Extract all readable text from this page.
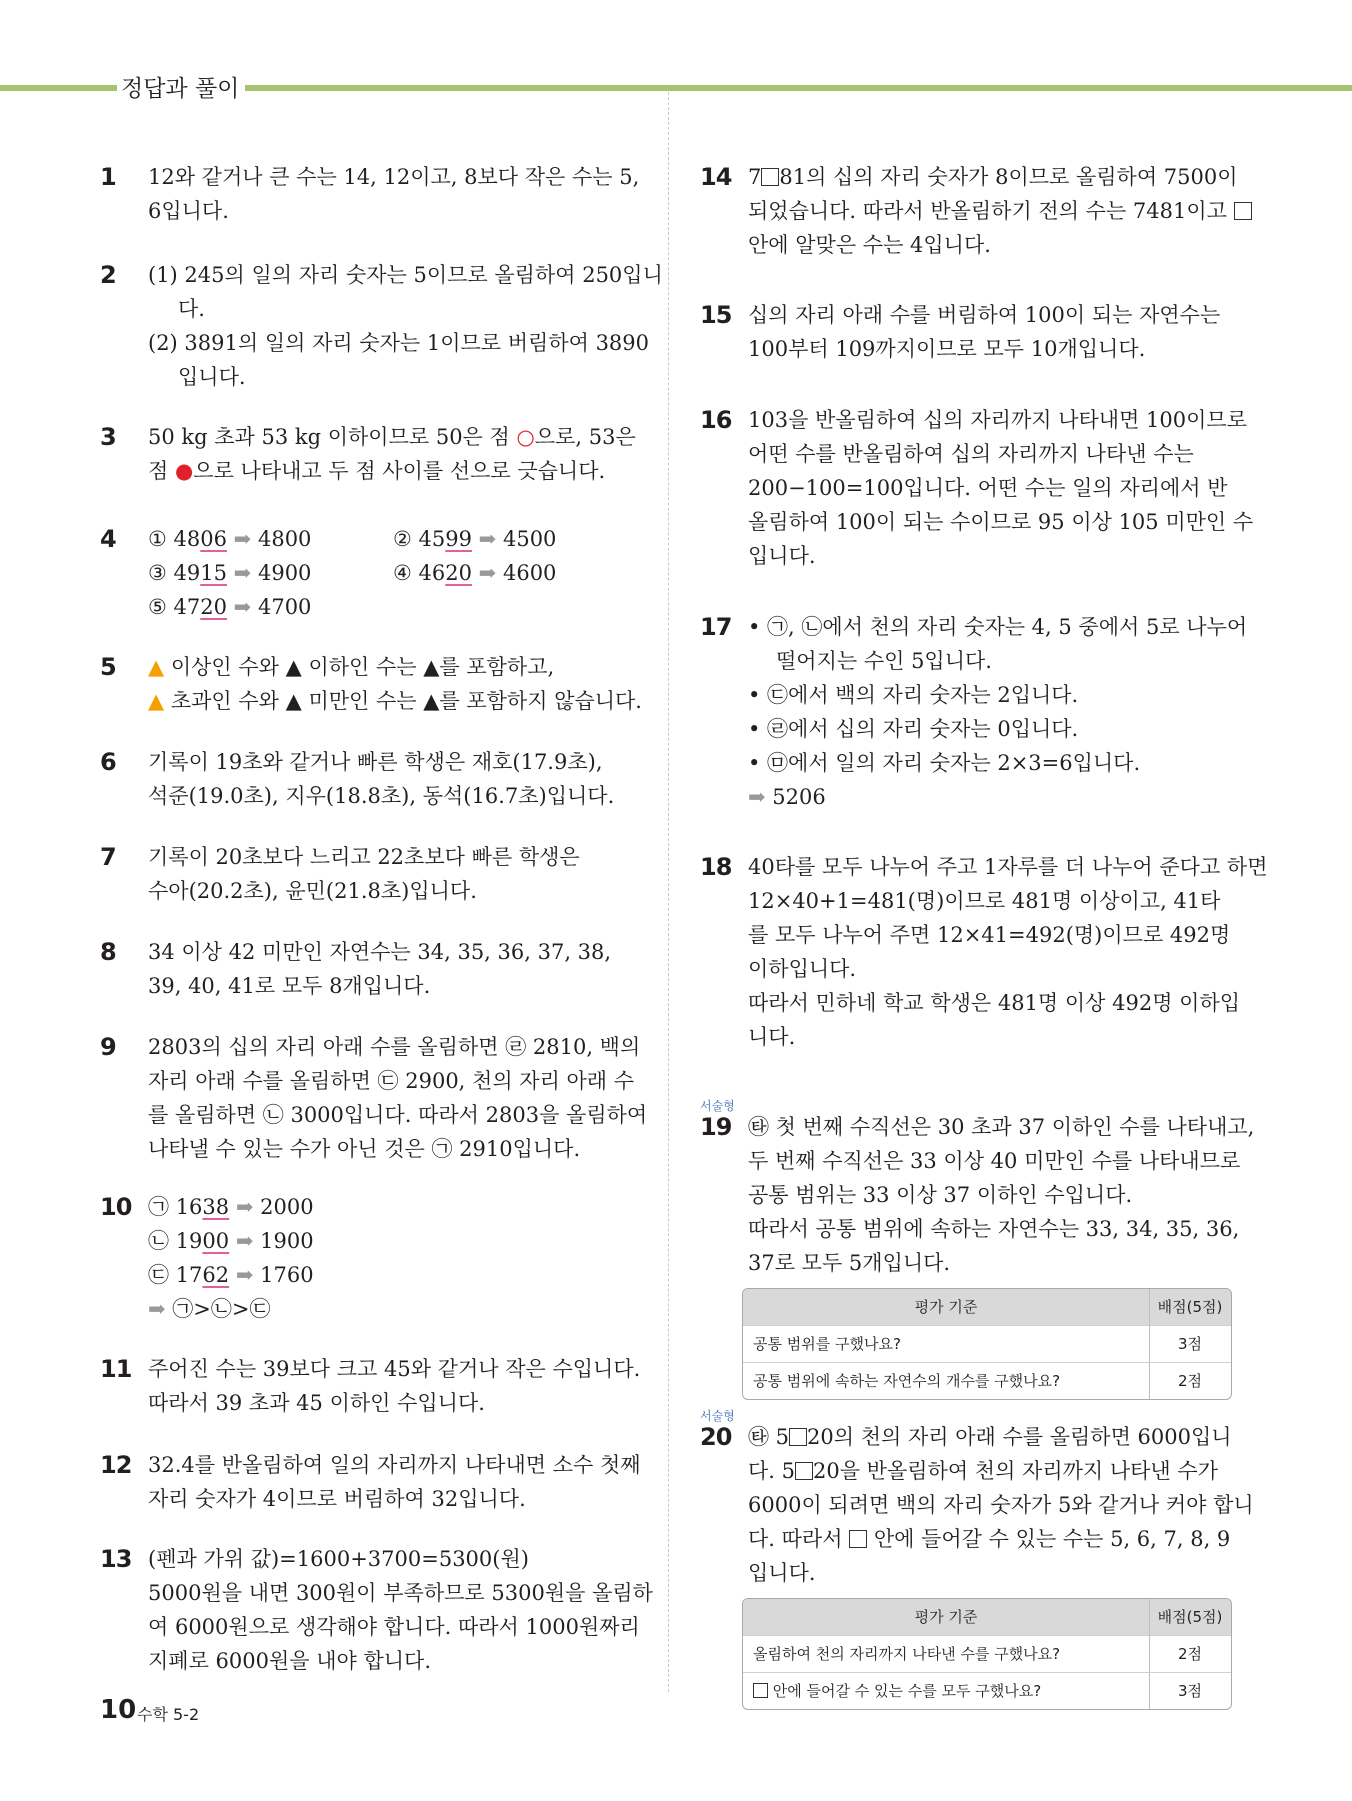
정답과 풀이
1 12와 같거나 큰 수는 14, 12이고, 8보다 작은 수는 5,
6입니다.
2 (1) 245의 일의 자리 숫자는 5이므로 올림하여 250입니
다.
(2) 3891의 일의 자리 숫자는 1이므로 버림하여 3890
입니다.
3 50 kg 초과 53 kg 이하이므로 50은 점 ○으로, 53은
점 ●으로 나타내고 두 점 사이를 선으로 긋습니다.
4 ① 4806 ➡ 4800	② 4599 ➡ 4500
③ 4915 ➡ 4900	④ 4620 ➡ 4600
⑤ 4720 ➡ 4700
5 ▲ 이상인 수와 ▲ 이하인 수는 ▲를 포함하고,
▲ 초과인 수와 ▲ 미만인 수는 ▲를 포함하지 않습니다.
6 기록이 19초와 같거나 빠른 학생은 재호(17.9초),
석준(19.0초), 지우(18.8초), 동석(16.7초)입니다.
7 기록이 20초보다 느리고 22초보다 빠른 학생은
수아(20.2초), 윤민(21.8초)입니다.
8 34 이상 42 미만인 자연수는 34, 35, 36, 37, 38,
39, 40, 41로 모두 8개입니다.
9 2803의 십의 자리 아래 수를 올림하면 ㉣ 2810, 백의
자리 아래 수를 올림하면 ㉢ 2900, 천의 자리 아래 수
를 올림하면 ㉡ 3000입니다. 따라서 2803을 올림하여
나타낼 수 있는 수가 아닌 것은 ㉠ 2910입니다.
10 ㉠ 1638 ➡ 2000
㉡ 1900 ➡ 1900
㉢ 1762 ➡ 1760
➡ ㉠>㉡>㉢
11 주어진 수는 39보다 크고 45와 같거나 작은 수입니다.
따라서 39 초과 45 이하인 수입니다.
12 32.4를 반올림하여 일의 자리까지 나타내면 소수 첫째
자리 숫자가 4이므로 버림하여 32입니다.
13 (펜과 가위 값)=1600+3700=5300(원)
5000원을 내면 300원이 부족하므로 5300원을 올림하
여 6000원으로 생각해야 합니다. 따라서 1000원짜리
지폐로 6000원을 내야 합니다.
14 7 81의 십의 자리 숫자가 8이므로 올림하여 7500이
되었습니다. 따라서 반올림하기 전의 수는 7481이고
안에 알맞은 수는 4입니다.
15 십의 자리 아래 수를 버림하여 100이 되는 자연수는
100부터 109까지이므로 모두 10개입니다.
16 103을 반올림하여 십의 자리까지 나타내면 100이므로
어떤 수를 반올림하여 십의 자리까지 나타낸 수는
200−100=100입니다. 어떤 수는 일의 자리에서 반
올림하여 100이 되는 수이므로 95 이상 105 미만인 수
입니다.
17 • ㉠, ㉡에서 천의 자리 숫자는 4, 5 중에서 5로 나누어
떨어지는 수인 5입니다.
• ㉢에서 백의 자리 숫자는 2입니다.
• ㉣에서 십의 자리 숫자는 0입니다.
• ㉤에서 일의 자리 숫자는 2×3=6입니다.
➡ 5206
18 40타를 모두 나누어 주고 1자루를 더 나누어 준다고 하면
12×40+1=481(명)이므로 481명 이상이고, 41타
를 모두 나누어 주면 12×41=492(명)이므로 492명
이하입니다.
따라서 민하네 학교 학생은 481명 이상 492명 이하입
니다.
서술형
19 ㉹ 첫 번째 수직선은 30 초과 37 이하인 수를 나타내고,
두 번째 수직선은 33 이상 40 미만인 수를 나타내므로
공통 범위는 33 이상 37 이하인 수입니다.
따라서 공통 범위에 속하는 자연수는 33, 34, 35, 36,
37로 모두 5개입니다.
평가 기준	배점(5점)
공통 범위를 구했나요?	3점
공통 범위에 속하는 자연수의 개수를 구했나요?	2점
서술형
20 ㉹ 5 20의 천의 자리 아래 수를 올림하면 6000입니
다. 5 20을 반올림하여 천의 자리까지 나타낸 수가
6000이 되려면 백의 자리 숫자가 5와 같거나 커야 합니
다. 따라서  안에 들어갈 수 있는 수는 5, 6, 7, 8, 9
입니다.
평가 기준	배점(5점)
올림하여 천의 자리까지 나타낸 수를 구했나요?	2점
안에 들어갈 수 있는 수를 모두 구했나요?	3점
10 수학 5-2
